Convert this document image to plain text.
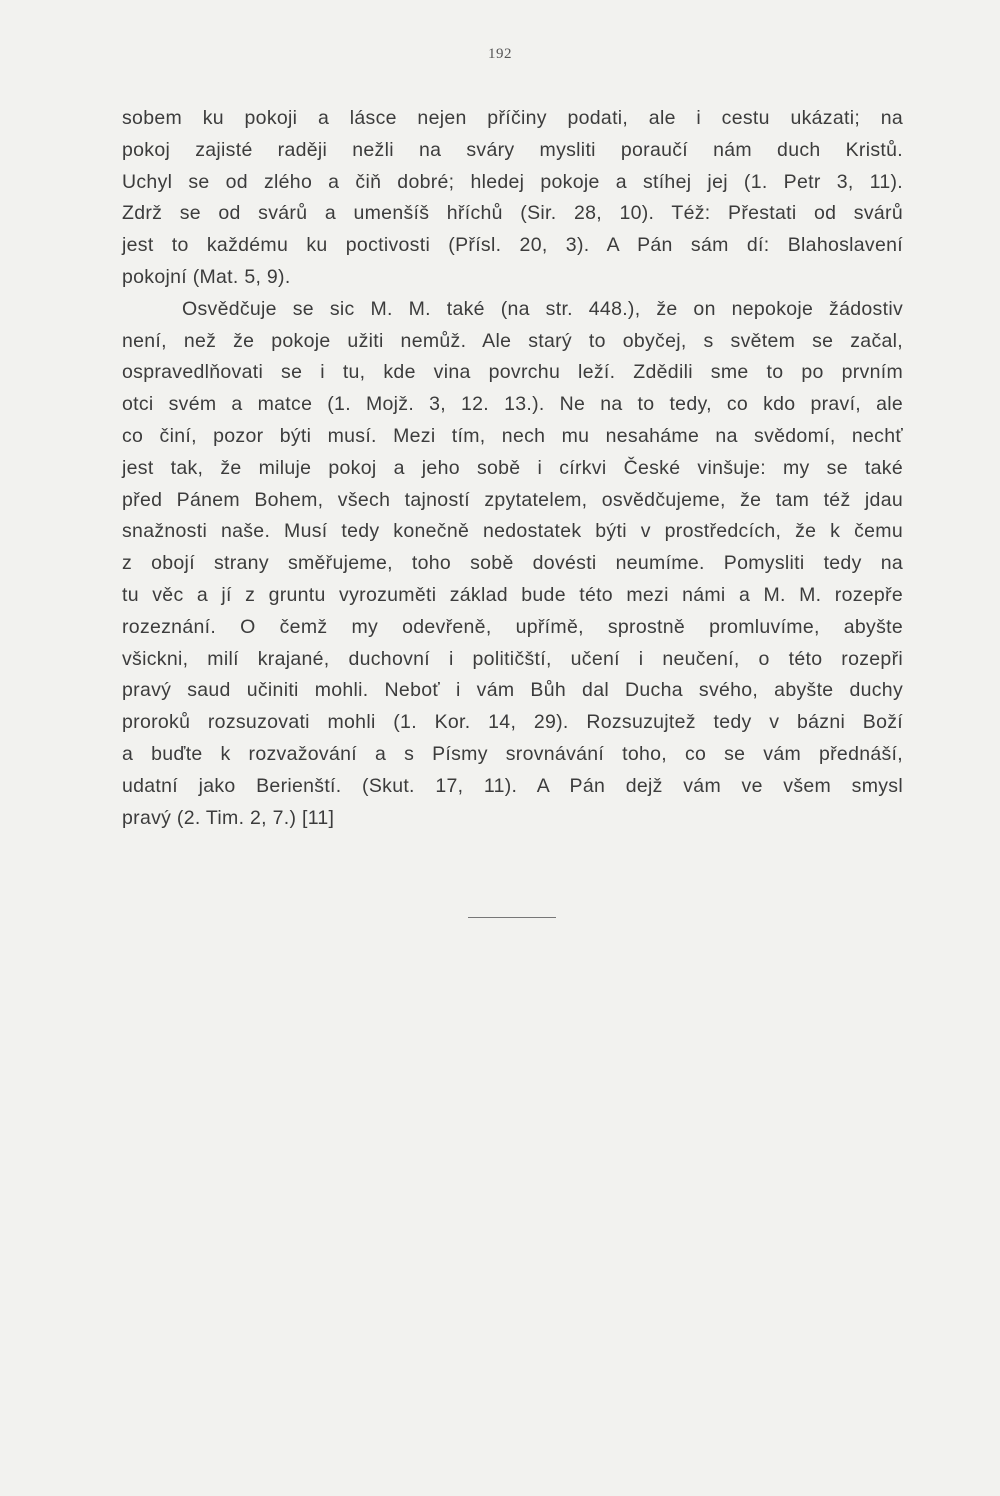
192
sobem ku pokoji a lásce nejen příčiny podati, ale i cestu ukázati; na
pokoj zajisté raději nežli na sváry mysliti poraučí nám duch Kristů.
Uchyl se od zlého a čiň dobré; hledej pokoje a stíhej jej (1. Petr 3, 11).
Zdrž se od svárů a umenšíš hříchů (Sir. 28, 10). Též: Přestati od svárů
jest to každému ku poctivosti (Přísl. 20, 3). A Pán sám dí: Blahoslavení
pokojní (Mat. 5, 9).
Osvědčuje se sic M. M. také (na str. 448.), že on nepokoje žádostiv
není, než že pokoje užiti nemůž. Ale starý to obyčej, s světem se začal,
ospravedlňovati se i tu, kde vina povrchu leží. Zdědili sme to po prvním
otci svém a matce (1. Mojž. 3, 12. 13.). Ne na to tedy, co kdo praví, ale
co činí, pozor býti musí. Mezi tím, nech mu nesaháme na svědomí, nechť
jest tak, že miluje pokoj a jeho sobě i církvi České vinšuje: my se také
před Pánem Bohem, všech tajností zpytatelem, osvědčujeme, že tam též jdau
snažnosti naše. Musí tedy konečně nedostatek býti v prostředcích, že k čemu
z obojí strany směřujeme, toho sobě dovésti neumíme. Pomysliti tedy na
tu věc a jí z gruntu vyrozuměti základ bude této mezi námi a M. M. rozepře
rozeznání. O čemž my odevřeně, upřímě, sprostně promluvíme, abyšte
všicknі, milí krajané, duchovní i političští, učení i neučení, o této rozepři
pravý saud učiniti mohli. Neboť i vám Bůh dal Ducha svého, abyšte duchy
proroků rozsuzovati mohli (1. Kor. 14, 29). Rozsuzujtež tedy v bázni Boží
a buďte k rozvažování a s Písmy srovnávání toho, co se vám přednáší,
udatní jako Berienští. (Skut. 17, 11). A Pán dejž vám ve všem smysl
pravý (2. Tim. 2, 7.) [11]
